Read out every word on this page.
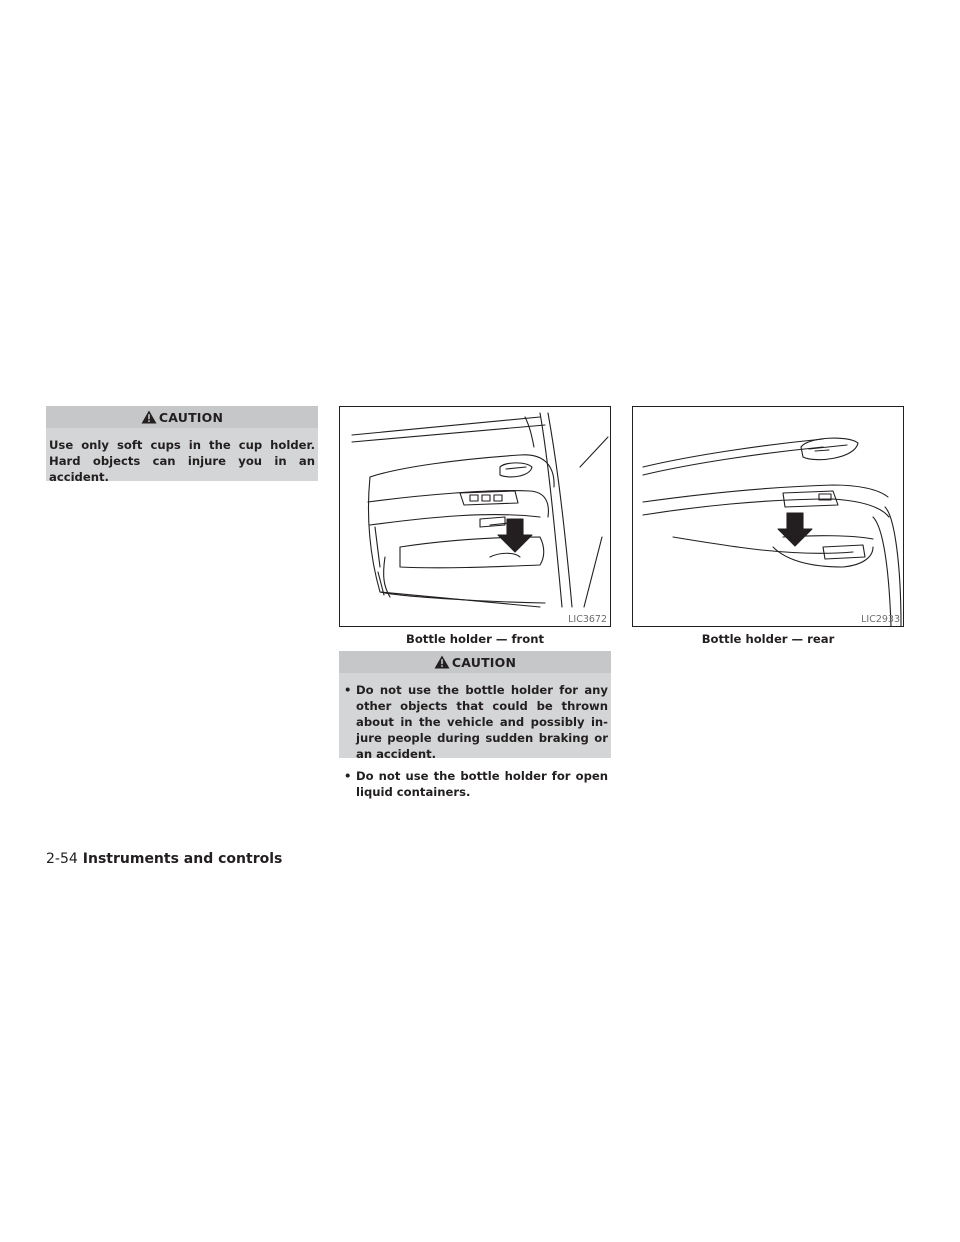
CAUTION

Use only soft cups in the cup holder. Hard objects can injure you in an accident.

LIC3672
Bottle holder — front
LIC2933
Bottle holder — rear
CAUTION
• Do not use the bottle holder for any other objects that could be thrown about in the vehicle and possibly in- jure people during sudden braking or an accident.
• Do not use the bottle holder for open liquid containers.
2-54 Instruments and controls
